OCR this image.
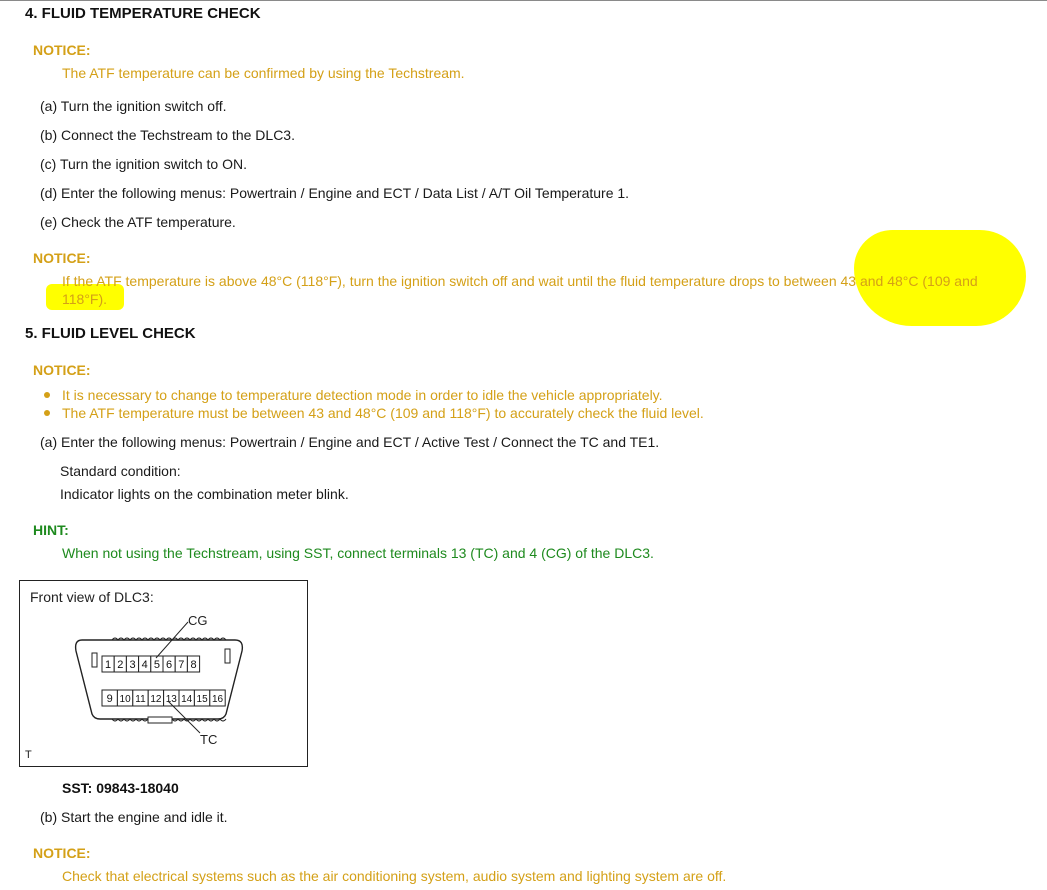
4. FLUID TEMPERATURE CHECK
NOTICE:
The ATF temperature can be confirmed by using the Techstream.
(a) Turn the ignition switch off.
(b) Connect the Techstream to the DLC3.
(c) Turn the ignition switch to ON.
(d) Enter the following menus: Powertrain / Engine and ECT / Data List / A/T Oil Temperature 1.
(e) Check the ATF temperature.
NOTICE:
If the ATF temperature is above 48°C (118°F), turn the ignition switch off and wait until the fluid temperature drops to between 43 and 48°C (109 and
118°F).
5. FLUID LEVEL CHECK
NOTICE:
It is necessary to change to temperature detection mode in order to idle the vehicle appropriately.
The ATF temperature must be between 43 and 48°C (109 and 118°F) to accurately check the fluid level.
(a) Enter the following menus: Powertrain / Engine and ECT / Active Test / Connect the TC and TE1.
Standard condition:
Indicator lights on the combination meter blink.
HINT:
When not using the Techstream, using SST, connect terminals 13 (TC) and 4 (CG) of the DLC3.
Front view of DLC3:
1 2 3 4 5 6 7 8
9 10 11 12 13 14 15 16
CG
TC
T
SST: 09843-18040
(b) Start the engine and idle it.
NOTICE:
Check that electrical systems such as the air conditioning system, audio system and lighting system are off.
